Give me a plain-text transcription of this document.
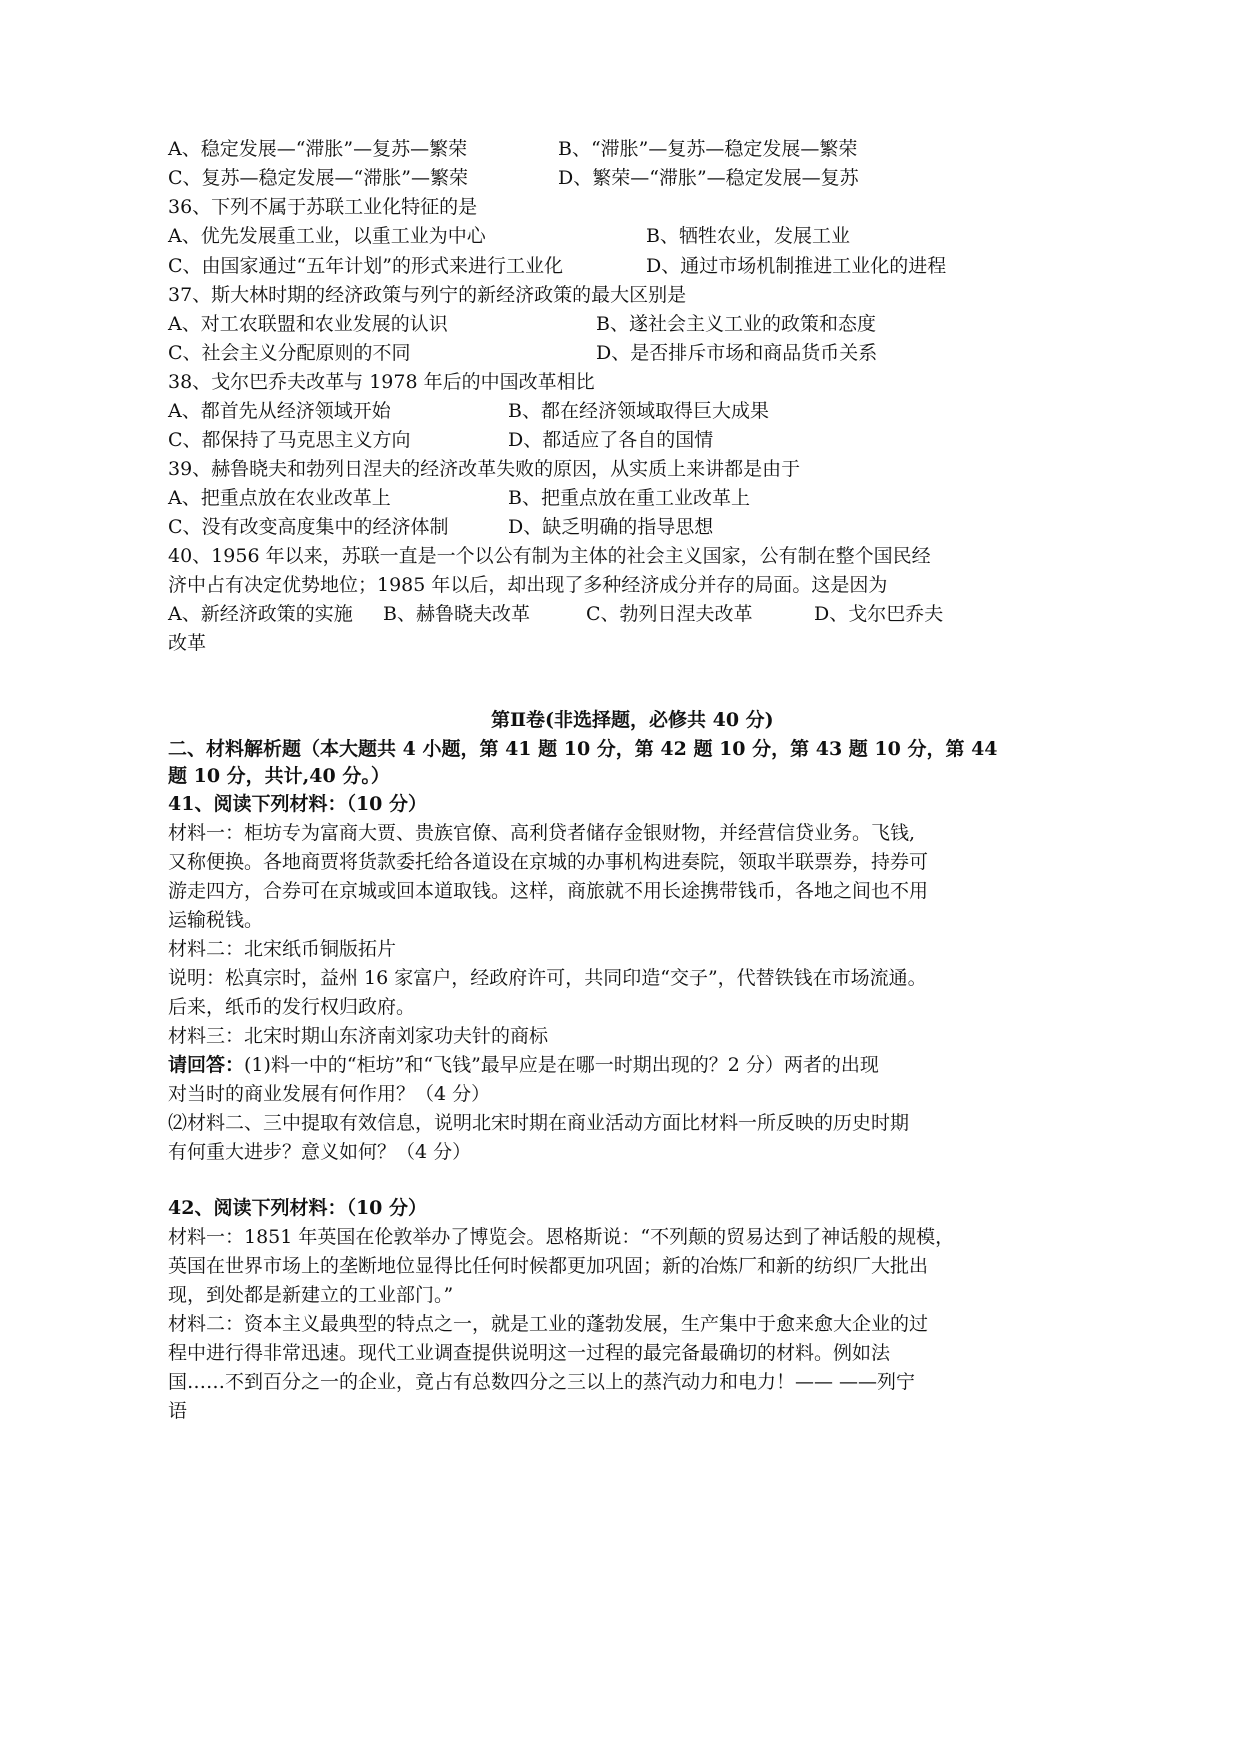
A、稳定发展—“滞胀”—复苏—繁荣	B、“滞胀”—复苏—稳定发展—繁荣
C、复苏—稳定发展—“滞胀”—繁荣	D、繁荣—“滞胀”—稳定发展—复苏
36、下列不属于苏联工业化特征的是
A、优先发展重工业，以重工业为中心	B、牺牲农业，发展工业
C、由国家通过“五年计划”的形式来进行工业化	D、通过市场机制推进工业化的进程
37、斯大林时期的经济政策与列宁的新经济政策的最大区别是
A、对工农联盟和农业发展的认识	B、遂社会主义工业的政策和态度
C、社会主义分配原则的不同	D、是否排斥市场和商品货币关系
38、戈尔巴乔夫改革与 1978 年后的中国改革相比
A、都首先从经济领域开始	B、都在经济领域取得巨大成果
C、都保持了马克思主义方向	D、都适应了各自的国情
39、赫鲁晓夫和勃列日涅夫的经济改革失败的原因，从实质上来讲都是由于
A、把重点放在农业改革上	B、把重点放在重工业改革上
C、没有改变高度集中的经济体制	D、缺乏明确的指导思想
40、1956 年以来，苏联一直是一个以公有制为主体的社会主义国家，公有制在整个国民经
济中占有决定优势地位；1985 年以后，却出现了多种经济成分并存的局面。这是因为
A、新经济政策的实施 B、赫鲁晓夫改革	C、勃列日涅夫改革	D、戈尔巴乔夫
改革
第Ⅱ卷(非选择题，必修共 40 分)
二、材料解析题（本大题共 4 小题，第 41 题 10 分，第 42 题 10 分，第 43 题 10 分，第 44
题 10 分，共计,40 分。）
41、阅读下列材料：（10 分）
材料一：柜坊专为富商大贾、贵族官僚、高利贷者储存金银财物，并经营信贷业务。飞钱,
又称便换。各地商贾将货款委托给各道设在京城的办事机构进奏院，领取半联票券，持券可
游走四方，合券可在京城或回本道取钱。这样，商旅就不用长途携带钱币，各地之间也不用
运输税钱。
材料二：北宋纸币铜版拓片
说明：松真宗时，益州 16 家富户，经政府许可，共同印造“交子”，代替铁钱在市场流通。
后来，纸币的发行权归政府。
材料三：北宋时期山东济南刘家功夫针的商标
请回答：(1)料一中的“柜坊”和“飞钱”最早应是在哪一时期出现的？2 分）两者的出现
对当时的商业发展有何作用？（4 分）
⑵材料二、三中提取有效信息，说明北宋时期在商业活动方面比材料一所反映的历史时期
有何重大进步？意义如何？（4 分）
42、阅读下列材料：（10 分）
材料一：1851 年英国在伦敦举办了博览会。恩格斯说：“不列颠的贸易达到了神话般的规模，
英国在世界市场上的垄断地位显得比任何时候都更加巩固；新的冶炼厂和新的纺织厂大批出
现，到处都是新建立的工业部门。”
材料二：资本主义最典型的特点之一，就是工业的蓬勃发展，生产集中于愈来愈大企业的过
程中进行得非常迅速。现代工业调查提供说明这一过程的最完备最确切的材料。例如法
国……不到百分之一的企业，竟占有总数四分之三以上的蒸汽动力和电力！—— ——列宁
语
